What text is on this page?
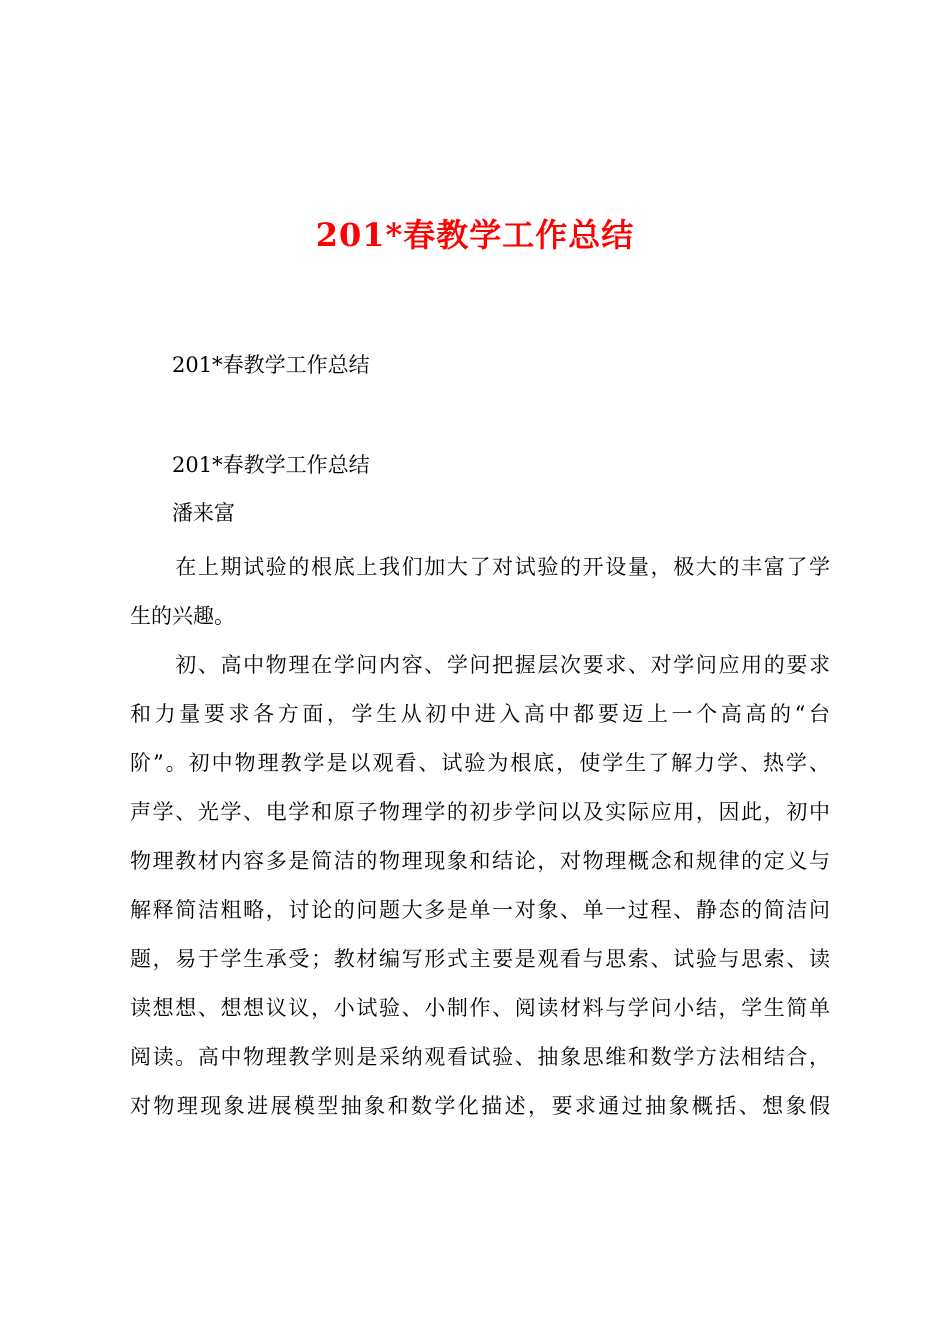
201*春教学工作总结
201*春教学工作总结
201*春教学工作总结
潘来富
　　在上期试验的根底上我们加大了对试验的开设量，极大的丰富了学
生的兴趣。
　　初、高中物理在学问内容、学问把握层次要求、对学问应用的要求
和力量要求各方面，学生从初中进入高中都要迈上一个高高的“台
阶”。初中物理教学是以观看、试验为根底，使学生了解力学、热学、
声学、光学、电学和原子物理学的初步学问以及实际应用，因此，初中
物理教材内容多是简洁的物理现象和结论，对物理概念和规律的定义与
解释简洁粗略，讨论的问题大多是单一对象、单一过程、静态的简洁问
题，易于学生承受；教材编写形式主要是观看与思索、试验与思索、读
读想想、想想议议，小试验、小制作、阅读材料与学问小结，学生简单
阅读。高中物理教学则是采纳观看试验、抽象思维和数学方法相结合，
对物理现象进展模型抽象和数学化描述，要求通过抽象概括、想象假
